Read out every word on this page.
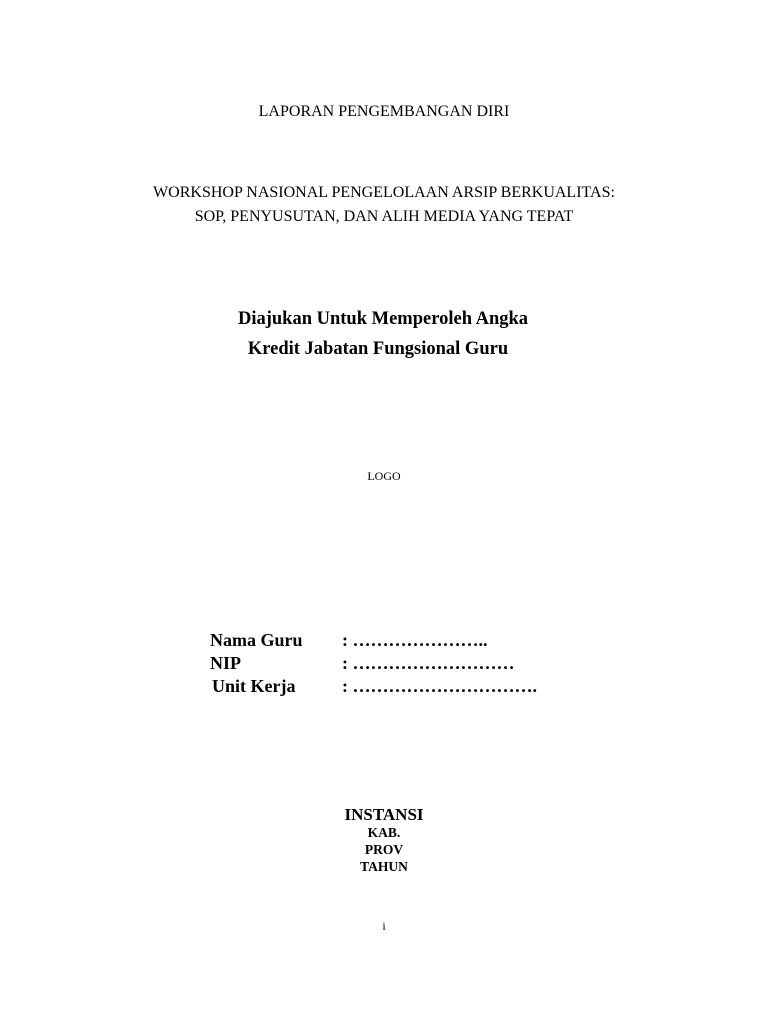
LAPORAN PENGEMBANGAN DIRI
WORKSHOP NASIONAL PENGELOLAAN ARSIP BERKUALITAS:
SOP, PENYUSUTAN, DAN ALIH MEDIA YANG TEPAT
Diajukan Untuk Memperoleh Angka
Kredit Jabatan Fungsional Guru
LOGO
Nama Guru : …………………..
NIP	: ………………………
Unit Kerja	: ………………………….
INSTANSI
KAB.
PROV
TAHUN
i
